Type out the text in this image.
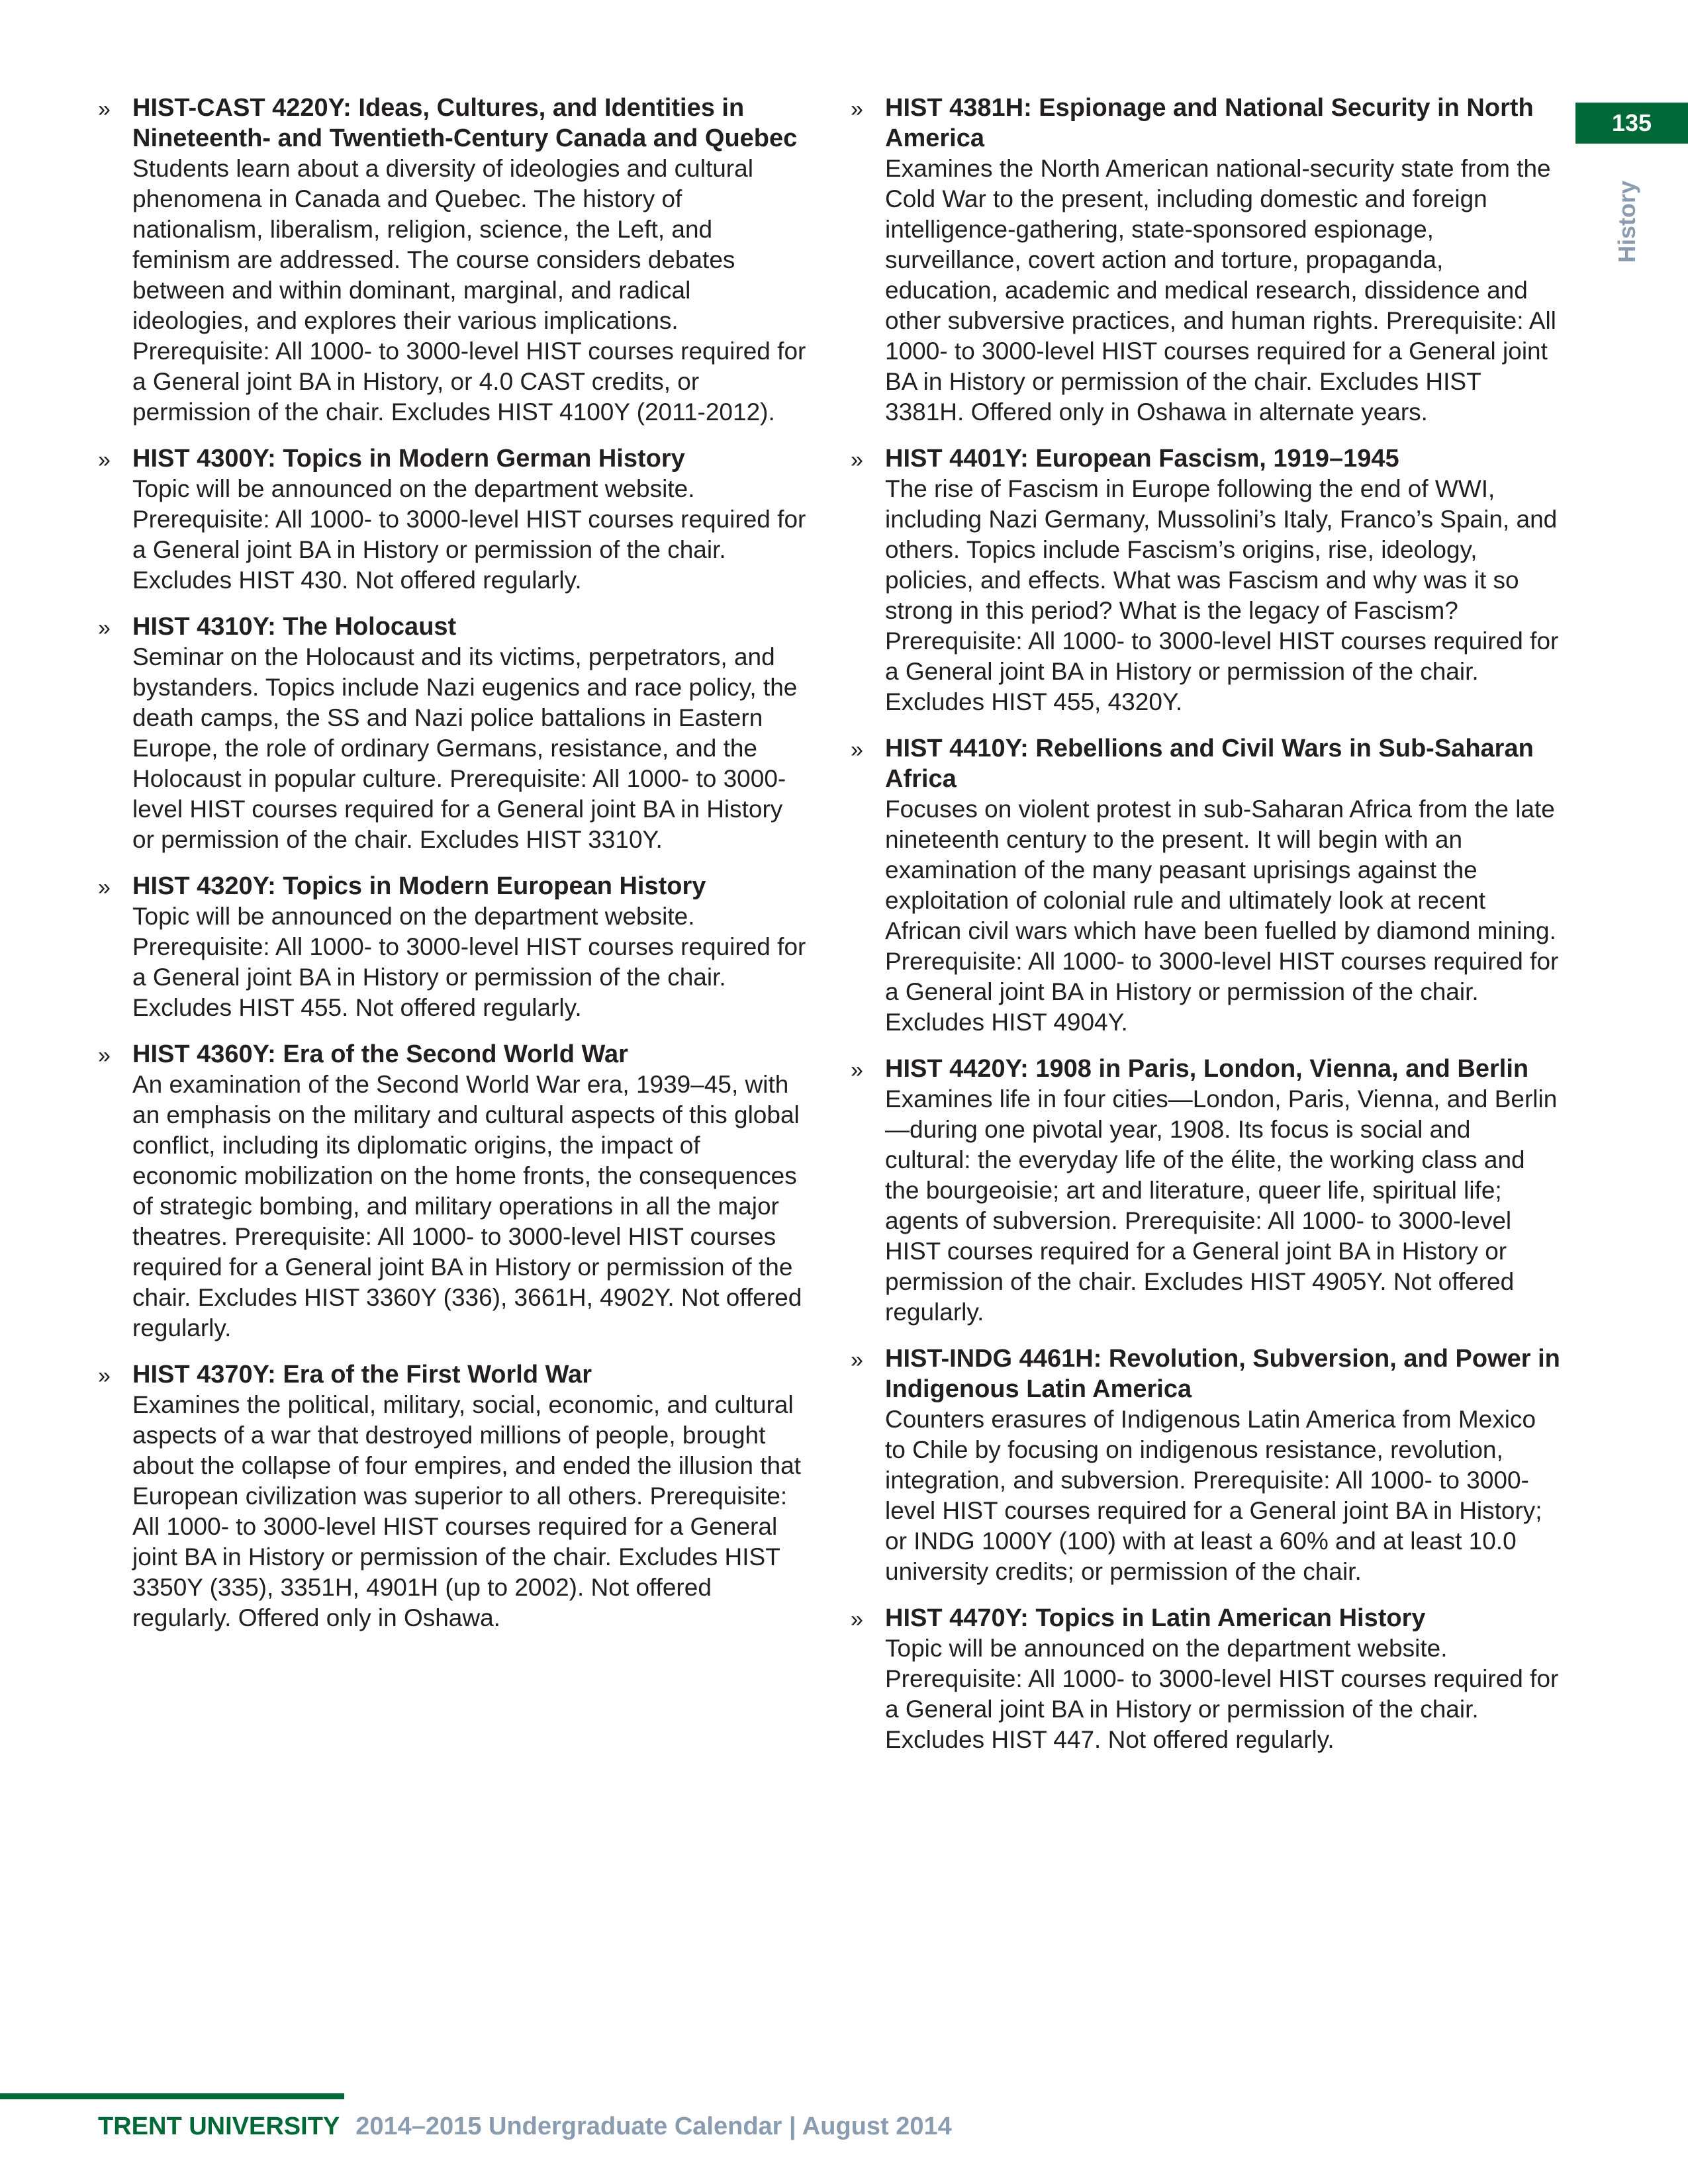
135
History
» HIST-CAST 4220Y: Ideas, Cultures, and Identities in Nineteenth- and Twentieth-Century Canada and Quebec
Students learn about a diversity of ideologies and cultural phenomena in Canada and Quebec. The history of nationalism, liberalism, religion, science, the Left, and feminism are addressed. The course considers debates between and within dominant, marginal, and radical ideologies, and explores their various implications. Prerequisite: All 1000- to 3000-level HIST courses required for a General joint BA in History, or 4.0 CAST credits, or permission of the chair. Excludes HIST 4100Y (2011-2012).
» HIST 4300Y: Topics in Modern German History
Topic will be announced on the department website. Prerequisite: All 1000- to 3000-level HIST courses required for a General joint BA in History or permission of the chair. Excludes HIST 430. Not offered regularly.
» HIST 4310Y: The Holocaust
Seminar on the Holocaust and its victims, perpetrators, and bystanders. Topics include Nazi eugenics and race policy, the death camps, the SS and Nazi police battalions in Eastern Europe, the role of ordinary Germans, resistance, and the Holocaust in popular culture. Prerequisite: All 1000- to 3000-level HIST courses required for a General joint BA in History or permission of the chair. Excludes HIST 3310Y.
» HIST 4320Y: Topics in Modern European History
Topic will be announced on the department website. Prerequisite: All 1000- to 3000-level HIST courses required for a General joint BA in History or permission of the chair. Excludes HIST 455. Not offered regularly.
» HIST 4360Y: Era of the Second World War
An examination of the Second World War era, 1939–45, with an emphasis on the military and cultural aspects of this global conflict, including its diplomatic origins, the impact of economic mobilization on the home fronts, the consequences of strategic bombing, and military operations in all the major theatres. Prerequisite: All 1000- to 3000-level HIST courses required for a General joint BA in History or permission of the chair. Excludes HIST 3360Y (336), 3661H, 4902Y. Not offered regularly.
» HIST 4370Y: Era of the First World War
Examines the political, military, social, economic, and cultural aspects of a war that destroyed millions of people, brought about the collapse of four empires, and ended the illusion that European civilization was superior to all others. Prerequisite: All 1000- to 3000-level HIST courses required for a General joint BA in History or permission of the chair. Excludes HIST 3350Y (335), 3351H, 4901H (up to 2002). Not offered regularly. Offered only in Oshawa.
» HIST 4381H: Espionage and National Security in North America
Examines the North American national-security state from the Cold War to the present, including domestic and foreign intelligence-gathering, state-sponsored espionage, surveillance, covert action and torture, propaganda, education, academic and medical research, dissidence and other subversive practices, and human rights. Prerequisite: All 1000- to 3000-level HIST courses required for a General joint BA in History or permission of the chair. Excludes HIST 3381H. Offered only in Oshawa in alternate years.
» HIST 4401Y: European Fascism, 1919–1945
The rise of Fascism in Europe following the end of WWI, including Nazi Germany, Mussolini’s Italy, Franco’s Spain, and others. Topics include Fascism’s origins, rise, ideology, policies, and effects. What was Fascism and why was it so strong in this period? What is the legacy of Fascism? Prerequisite: All 1000- to 3000-level HIST courses required for a General joint BA in History or permission of the chair. Excludes HIST 455, 4320Y.
» HIST 4410Y: Rebellions and Civil Wars in Sub-Saharan Africa
Focuses on violent protest in sub-Saharan Africa from the late nineteenth century to the present. It will begin with an examination of the many peasant uprisings against the exploitation of colonial rule and ultimately look at recent African civil wars which have been fuelled by diamond mining. Prerequisite: All 1000- to 3000-level HIST courses required for a General joint BA in History or permission of the chair. Excludes HIST 4904Y.
» HIST 4420Y: 1908 in Paris, London, Vienna, and Berlin
Examines life in four cities—London, Paris, Vienna, and Berlin—during one pivotal year, 1908. Its focus is social and cultural: the everyday life of the élite, the working class and the bourgeoisie; art and literature, queer life, spiritual life; agents of subversion. Prerequisite: All 1000- to 3000-level HIST courses required for a General joint BA in History or permission of the chair. Excludes HIST 4905Y. Not offered regularly.
» HIST-INDG 4461H: Revolution, Subversion, and Power in Indigenous Latin America
Counters erasures of Indigenous Latin America from Mexico to Chile by focusing on indigenous resistance, revolution, integration, and subversion. Prerequisite: All 1000- to 3000-level HIST courses required for a General joint BA in History; or INDG 1000Y (100) with at least a 60% and at least 10.0 university credits; or permission of the chair.
» HIST 4470Y: Topics in Latin American History
Topic will be announced on the department website. Prerequisite: All 1000- to 3000-level HIST courses required for a General joint BA in History or permission of the chair. Excludes HIST 447. Not offered regularly.
TRENT UNIVERSITY 2014–2015 Undergraduate Calendar | August 2014
